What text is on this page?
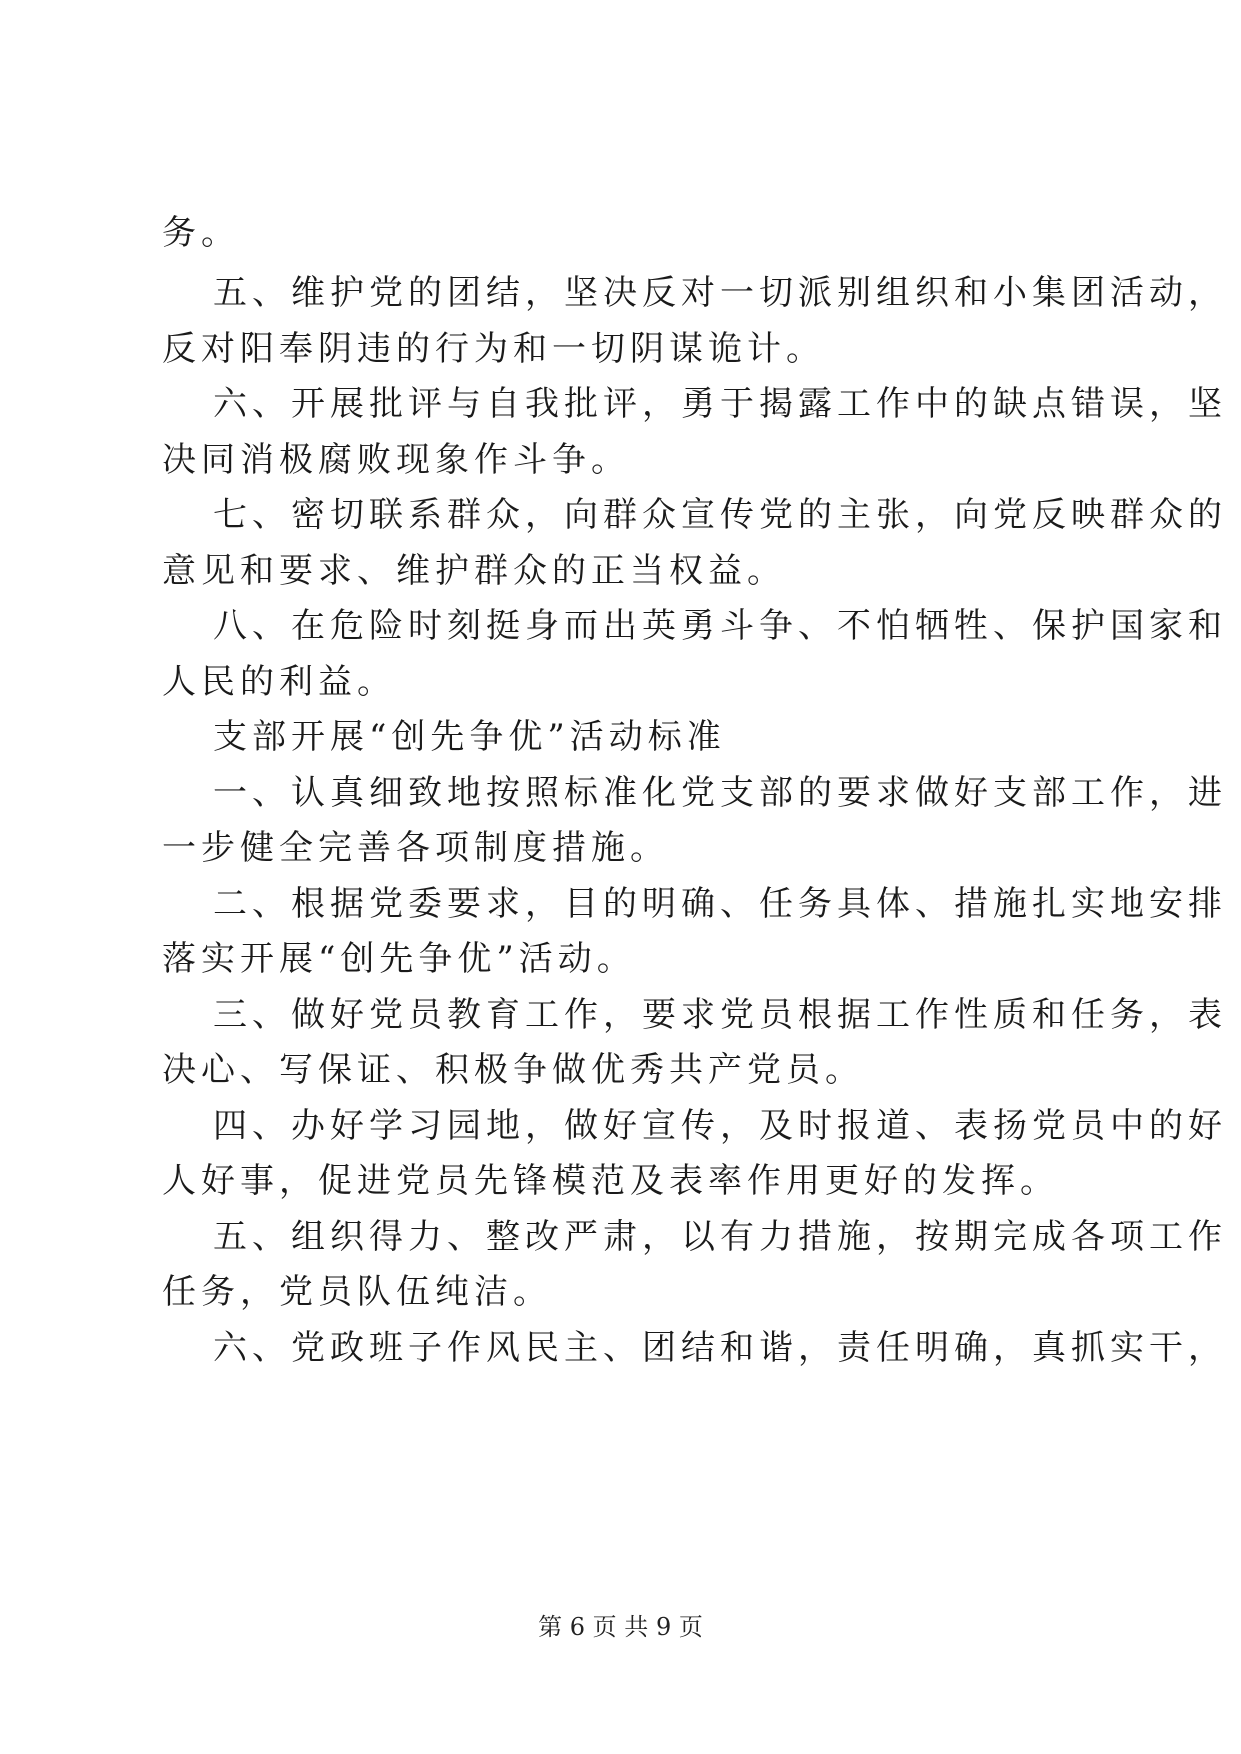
务。
五、维护党的团结，坚决反对一切派别组织和小集团活动，
反对阳奉阴违的行为和一切阴谋诡计。
六、开展批评与自我批评，勇于揭露工作中的缺点错误，坚
决同消极腐败现象作斗争。
七、密切联系群众，向群众宣传党的主张，向党反映群众的
意见和要求、维护群众的正当权益。
八、在危险时刻挺身而出英勇斗争、不怕牺牲、保护国家和
人民的利益。
支部开展“创先争优”活动标准
一、认真细致地按照标准化党支部的要求做好支部工作，进
一步健全完善各项制度措施。
二、根据党委要求，目的明确、任务具体、措施扎实地安排
落实开展“创先争优”活动。
三、做好党员教育工作，要求党员根据工作性质和任务，表
决心、写保证、积极争做优秀共产党员。
四、办好学习园地，做好宣传，及时报道、表扬党员中的好
人好事，促进党员先锋模范及表率作用更好的发挥。
五、组织得力、整改严肃，以有力措施，按期完成各项工作
任务，党员队伍纯洁。
六、党政班子作风民主、团结和谐，责任明确，真抓实干，
第 6 页 共 9 页
